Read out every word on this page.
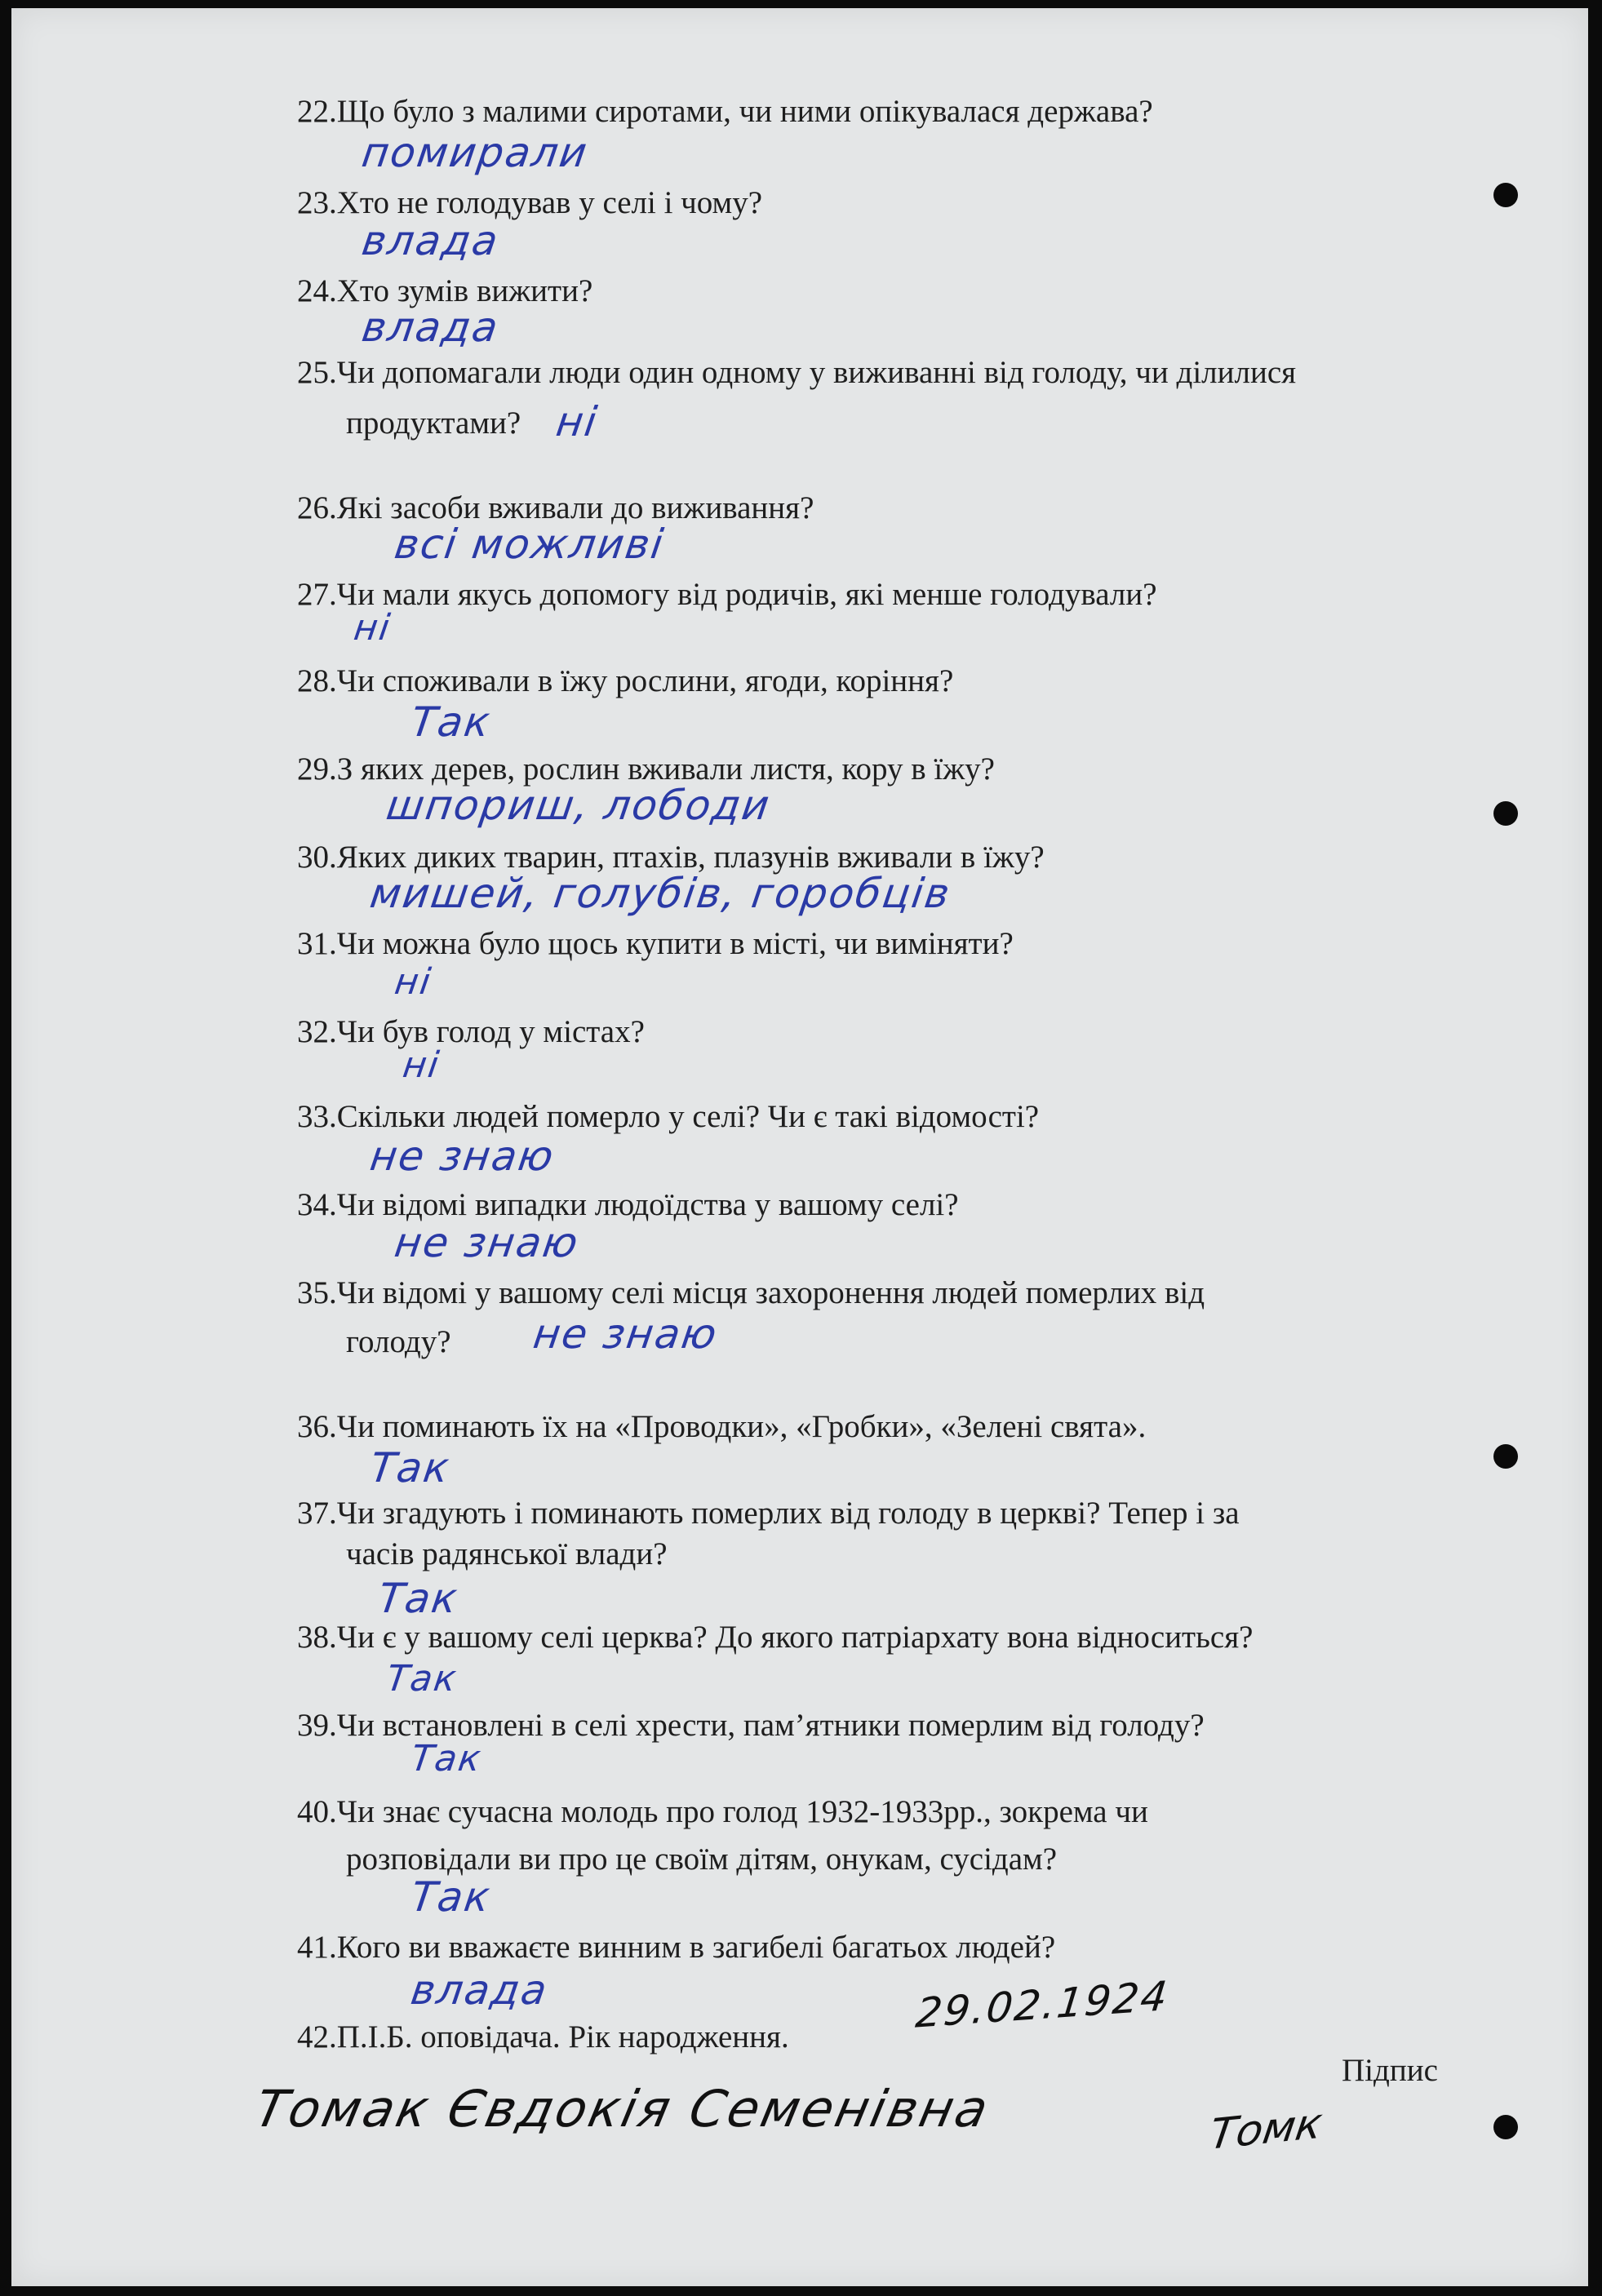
22.Що було з малими сиротами, чи ними опікувалася держава?
помирали
23.Хто не голодував у селі і чому?
влада
24.Хто зумів вижити?
влада
25.Чи допомагали люди один одному у виживанні від голоду, чи ділилися
продуктами? ні
26.Які засоби вживали до виживання?
всі можливі
27.Чи мали якусь допомогу від родичів, які менше голодували?
ні
28.Чи споживали в їжу рослини, ягоди, коріння?
Так
29.З яких дерев, рослин вживали листя, кору в їжу?
шпориш, лободи
30.Яких диких тварин, птахів, плазунів вживали в їжу?
мишей, голубів, горобців
31.Чи можна було щось купити в місті, чи виміняти?
ні
32.Чи був голод у містах?
ні
33.Скільки людей померло у селі? Чи є такі відомості?
не знаю
34.Чи відомі випадки людоїдства у вашому селі?
не знаю
35.Чи відомі у вашому селі місця захоронення людей померлих від
голоду? не знаю
36.Чи поминають їх на «Проводки», «Гробки», «Зелені свята».
Так
37.Чи згадують і поминають померлих від голоду в церкві? Тепер і за
часів радянської влади?
Так
38.Чи є у вашому селі церква? До якого патріархату вона відноситься?
Так
39.Чи встановлені в селі хрести, пам’ятники померлим від голоду?
Так
40.Чи знає сучасна молодь про голод 1932-1933рр., зокрема чи
розповідали ви про це своїм дітям, онукам, сусідам?
Так
41.Кого ви вважаєте винним в загибелі багатьох людей?
влада
42.П.І.Б. оповідача. Рік народження.	29.02.1924
Підпис
Томак Євдокія Семенівна	Томк
